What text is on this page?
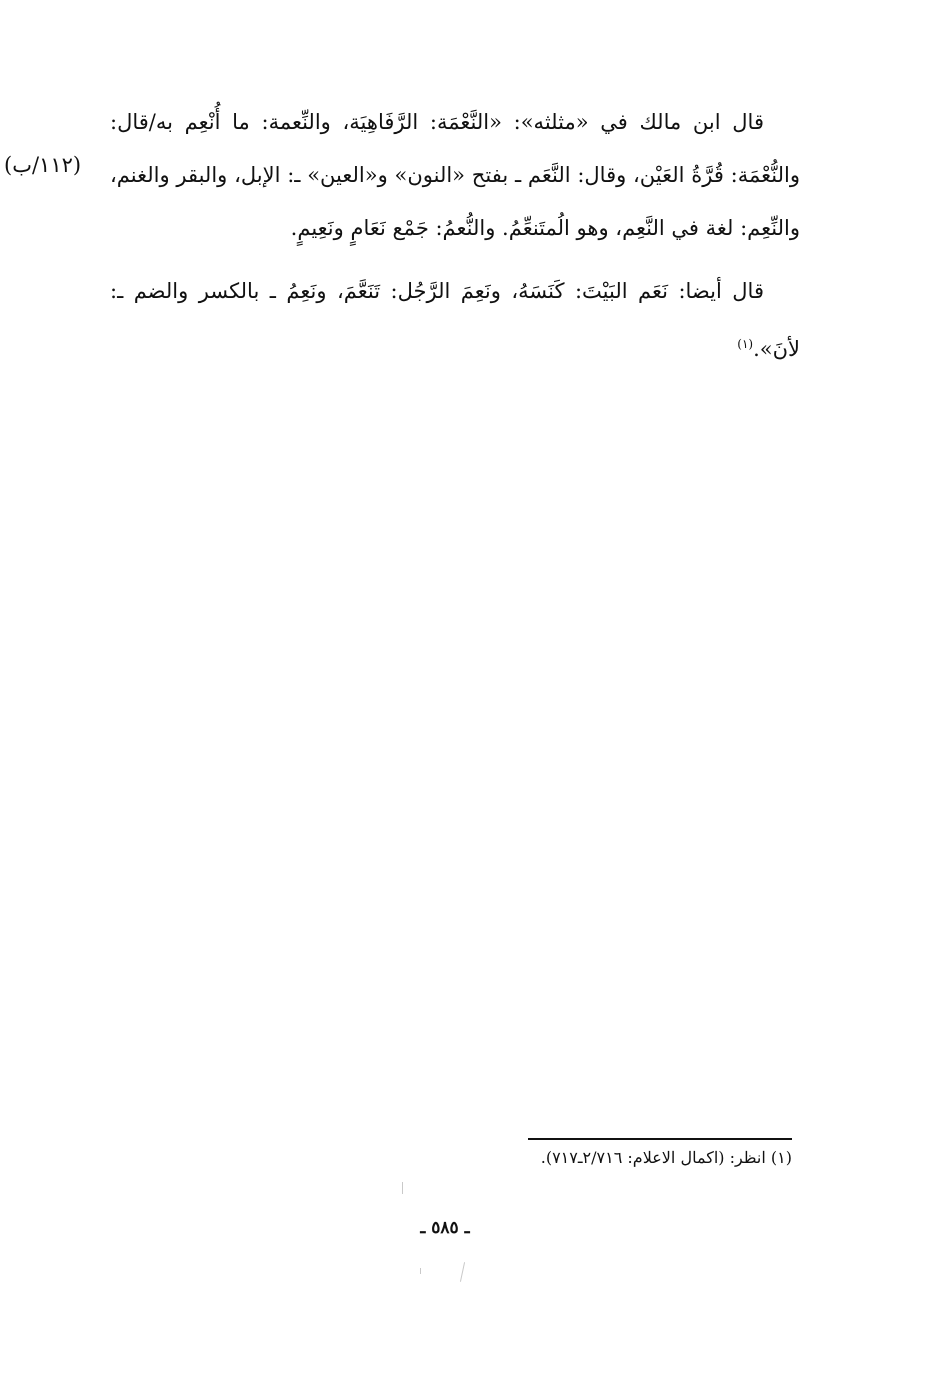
(١١٢/ب)

قال ابن مالك في «مثلثه»: «النَّعْمَة: الرَّفَاهِيَة، والنِّعمة: ما أُنْعِم به/قال: والنُّعْمَة: قُرَّةُ العَيْن، وقال: النَّعَم ـ بفتح «النون» و«العين» ـ: الإبل، والبقر والغنم، والنِّعِم: لغة في النَّعِم، وهو الُمتَنعِّمُ. والنُّعمُ: جَمْع نَعَامٍ ونَعِيمٍ.

قال أيضا: نَعَم البَيْتَ: كَنَسَهُ، ونَعِمَ الرَّجُل: تَنَعَّمَ، ونَعِمُ ـ بالكسر والضم ـ: لأنَ».$^{(١)}$

(١) انظر: (اكمال الاعلام: ٢/٧١٦ـ٧١٧).
ـ ٥٨٥ ـ
